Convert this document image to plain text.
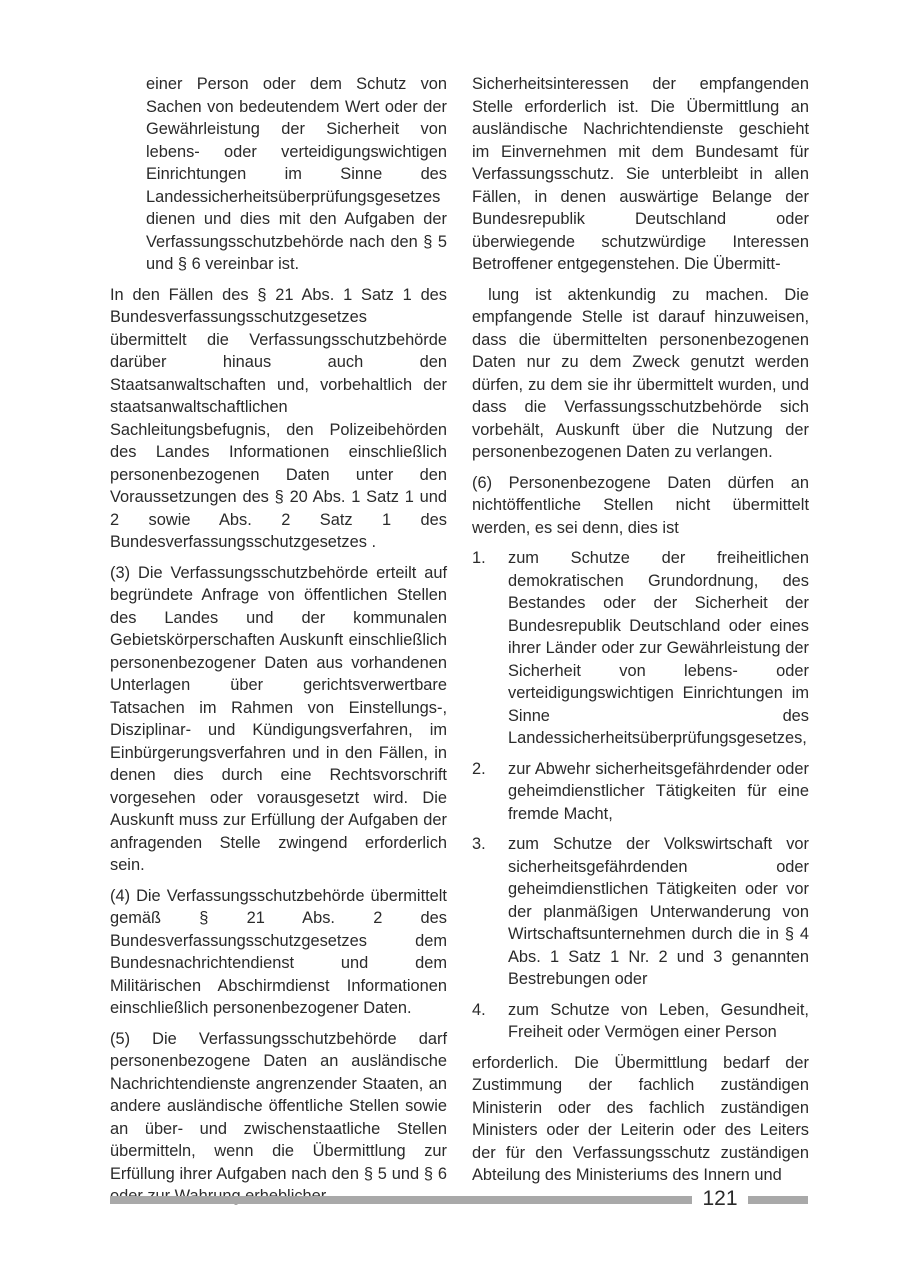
einer Person oder dem Schutz von Sachen von bedeutendem Wert oder der Gewährleistung der Sicherheit von lebens- oder verteidigungswichtigen Einrichtungen im Sinne des Landessicherheitsüberprüfungsgesetzes dienen und dies mit den Aufgaben der Verfassungsschutzbehörde nach den § 5 und § 6 vereinbar ist.

In den Fällen des § 21 Abs. 1 Satz 1 des Bundesverfassungsschutzgesetzes übermittelt die Verfassungsschutzbehörde darüber hinaus auch den Staatsanwaltschaften und, vorbehaltlich der staatsanwaltschaftlichen Sachleitungsbefugnis, den Polizeibehörden des Landes Informationen einschließlich personenbezogenen Daten unter den Voraussetzungen des § 20 Abs. 1 Satz 1 und 2 sowie Abs. 2 Satz 1 des Bundesverfassungsschutzgesetzes .

(3) Die Verfassungsschutzbehörde erteilt auf begründete Anfrage von öffentlichen Stellen des Landes und der kommunalen Gebietskörperschaften Auskunft einschließlich personenbezogener Daten aus vorhandenen Unterlagen über gerichtsverwertbare Tatsachen im Rahmen von Einstellungs-, Disziplinar- und Kündigungsverfahren, im Einbürgerungsverfahren und in den Fällen, in denen dies durch eine Rechtsvorschrift vorgesehen oder vorausgesetzt wird. Die Auskunft muss zur Erfüllung der Aufgaben der anfragenden Stelle zwingend erforderlich sein.

(4) Die Verfassungsschutzbehörde übermittelt gemäß § 21 Abs. 2 des Bundesverfassungsschutzgesetzes dem Bundesnachrichtendienst und dem Militärischen Abschirmdienst Informationen einschließlich personenbezogener Daten.

(5) Die Verfassungsschutzbehörde darf personenbezogene Daten an ausländische Nachrichtendienste angrenzender Staaten, an andere ausländische öffentliche Stellen sowie an über- und zwischenstaatliche Stellen übermitteln, wenn die Übermittlung zur Erfüllung ihrer Aufgaben nach den § 5 und § 6

Sicherheitsinteressen der empfangenden Stelle erforderlich ist. Die Übermittlung an ausländische Nachrichtendienste geschieht im Einvernehmen mit dem Bundesamt für Verfassungsschutz. Sie unterbleibt in allen Fällen, in denen auswärtige Belange der Bundesrepublik Deutschland oder überwiegende schutzwürdige Interessen Betroffener entgegenstehen. Die Übermitt-

lung ist aktenkundig zu machen. Die empfangende Stelle ist darauf hinzuweisen, dass die übermittelten personenbezogenen Daten nur zu dem Zweck genutzt werden dürfen, zu dem sie ihr übermittelt wurden, und dass die Verfassungsschutzbehörde sich vorbehält, Auskunft über die Nutzung der personenbezogenen Daten zu verlangen.

(6) Personenbezogene Daten dürfen an nichtöffentliche Stellen nicht übermittelt werden, es sei denn, dies ist

1.	zum Schutze der freiheitlichen demokratischen Grundordnung, des Bestandes oder der Sicherheit der Bundesrepublik Deutschland oder eines ihrer Länder oder zur Gewährleistung der Sicherheit von lebens- oder verteidigungswichtigen Einrichtungen im Sinne des Landessicherheitsüberprüfungsgesetzes,
2.	zur Abwehr sicherheitsgefährdender oder geheimdienstlicher Tätigkeiten für eine fremde Macht,
3.	zum Schutze der Volkswirtschaft vor sicherheitsgefährdenden oder geheimdienstlichen Tätigkeiten oder vor der planmäßigen Unterwanderung von Wirtschaftsunternehmen durch die in § 4 Abs. 1 Satz 1 Nr. 2 und 3 genannten Bestrebungen oder
4.	zum Schutze von Leben, Gesundheit, Freiheit oder Vermögen einer Person

erforderlich. Die Übermittlung bedarf der Zustimmung der fachlich zuständigen Ministerin oder des fachlich zuständigen Ministers oder der Leiterin oder des Leiters der für den Verfassungsschutz zuständigen Abteilung des Ministeriums des Innern und

121
